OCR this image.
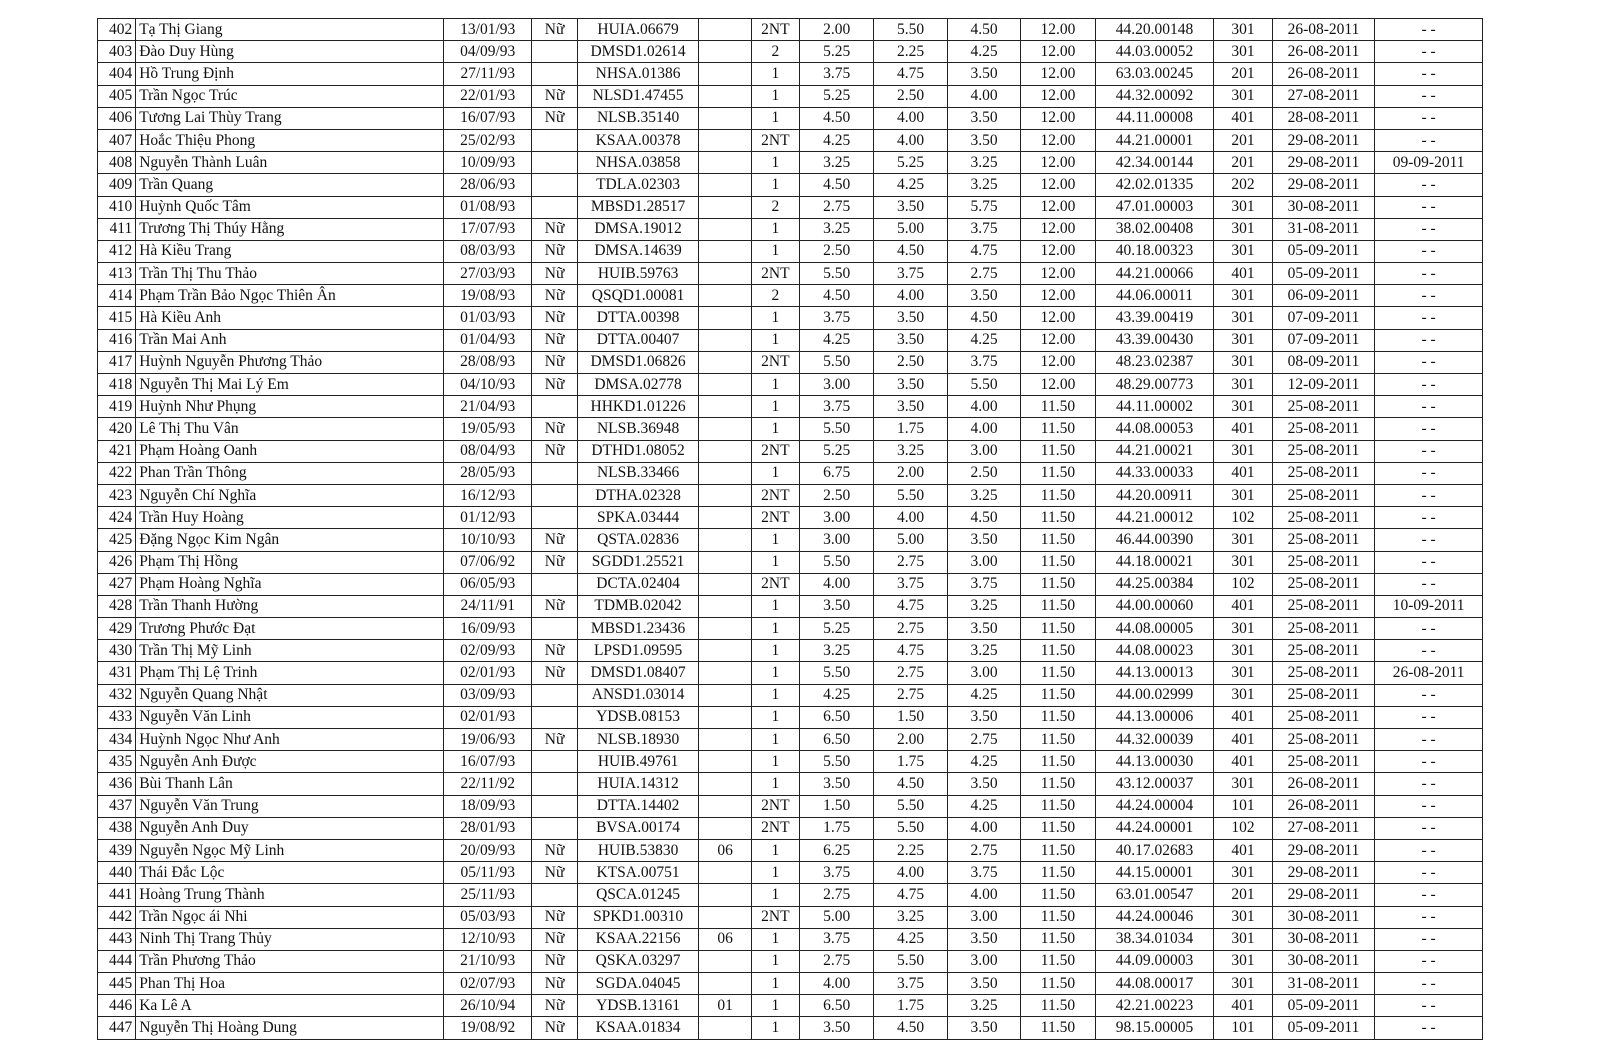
402	Tạ Thị Giang	13/01/93	Nữ	HUIA.06679		2NT	2.00	5.50	4.50	12.00	44.20.00148	301	26-08-2011	- -
403	Đào Duy Hùng	04/09/93		DMSD1.02614		2	5.25	2.25	4.25	12.00	44.03.00052	301	26-08-2011	- -
404	Hồ Trung Định	27/11/93		NHSA.01386		1	3.75	4.75	3.50	12.00	63.03.00245	201	26-08-2011	- -
405	Trần Ngọc Trúc	22/01/93	Nữ	NLSD1.47455		1	5.25	2.50	4.00	12.00	44.32.00092	301	27-08-2011	- -
406	Tương Lai Thùy Trang	16/07/93	Nữ	NLSB.35140		1	4.50	4.00	3.50	12.00	44.11.00008	401	28-08-2011	- -
407	Hoắc Thiệu Phong	25/02/93		KSAA.00378		2NT	4.25	4.00	3.50	12.00	44.21.00001	201	29-08-2011	- -
408	Nguyễn Thành Luân	10/09/93		NHSA.03858		1	3.25	5.25	3.25	12.00	42.34.00144	201	29-08-2011	09-09-2011
409	Trần Quang	28/06/93		TDLA.02303		1	4.50	4.25	3.25	12.00	42.02.01335	202	29-08-2011	- -
410	Huỳnh Quốc Tâm	01/08/93		MBSD1.28517		2	2.75	3.50	5.75	12.00	47.01.00003	301	30-08-2011	- -
411	Trương Thị Thúy Hằng	17/07/93	Nữ	DMSA.19012		1	3.25	5.00	3.75	12.00	38.02.00408	301	31-08-2011	- -
412	Hà Kiều Trang	08/03/93	Nữ	DMSA.14639		1	2.50	4.50	4.75	12.00	40.18.00323	301	05-09-2011	- -
413	Trần Thị Thu Thảo	27/03/93	Nữ	HUIB.59763		2NT	5.50	3.75	2.75	12.00	44.21.00066	401	05-09-2011	- -
414	Phạm Trần Bảo Ngọc Thiên Ân	19/08/93	Nữ	QSQD1.00081		2	4.50	4.00	3.50	12.00	44.06.00011	301	06-09-2011	- -
415	Hà Kiều Anh	01/03/93	Nữ	DTTA.00398		1	3.75	3.50	4.50	12.00	43.39.00419	301	07-09-2011	- -
416	Trần Mai Anh	01/04/93	Nữ	DTTA.00407		1	4.25	3.50	4.25	12.00	43.39.00430	301	07-09-2011	- -
417	Huỳnh Nguyễn Phương Thảo	28/08/93	Nữ	DMSD1.06826		2NT	5.50	2.50	3.75	12.00	48.23.02387	301	08-09-2011	- -
418	Nguyễn Thị Mai Lý Em	04/10/93	Nữ	DMSA.02778		1	3.00	3.50	5.50	12.00	48.29.00773	301	12-09-2011	- -
419	Huỳnh Như Phụng	21/04/93		HHKD1.01226		1	3.75	3.50	4.00	11.50	44.11.00002	301	25-08-2011	- -
420	Lê Thị Thu Vân	19/05/93	Nữ	NLSB.36948		1	5.50	1.75	4.00	11.50	44.08.00053	401	25-08-2011	- -
421	Phạm Hoàng Oanh	08/04/93	Nữ	DTHD1.08052		2NT	5.25	3.25	3.00	11.50	44.21.00021	301	25-08-2011	- -
422	Phan Trần Thông	28/05/93		NLSB.33466		1	6.75	2.00	2.50	11.50	44.33.00033	401	25-08-2011	- -
423	Nguyễn Chí Nghĩa	16/12/93		DTHA.02328		2NT	2.50	5.50	3.25	11.50	44.20.00911	301	25-08-2011	- -
424	Trần Huy Hoàng	01/12/93		SPKA.03444		2NT	3.00	4.00	4.50	11.50	44.21.00012	102	25-08-2011	- -
425	Đặng Ngọc Kim Ngân	10/10/93	Nữ	QSTA.02836		1	3.00	5.00	3.50	11.50	46.44.00390	301	25-08-2011	- -
426	Phạm Thị Hồng	07/06/92	Nữ	SGDD1.25521		1	5.50	2.75	3.00	11.50	44.18.00021	301	25-08-2011	- -
427	Phạm Hoàng Nghĩa	06/05/93		DCTA.02404		2NT	4.00	3.75	3.75	11.50	44.25.00384	102	25-08-2011	- -
428	Trần Thanh Hường	24/11/91	Nữ	TDMB.02042		1	3.50	4.75	3.25	11.50	44.00.00060	401	25-08-2011	10-09-2011
429	Trương Phước Đạt	16/09/93		MBSD1.23436		1	5.25	2.75	3.50	11.50	44.08.00005	301	25-08-2011	- -
430	Trần Thị Mỹ Linh	02/09/93	Nữ	LPSD1.09595		1	3.25	4.75	3.25	11.50	44.08.00023	301	25-08-2011	- -
431	Phạm Thị Lệ Trinh	02/01/93	Nữ	DMSD1.08407		1	5.50	2.75	3.00	11.50	44.13.00013	301	25-08-2011	26-08-2011
432	Nguyễn Quang Nhật	03/09/93		ANSD1.03014		1	4.25	2.75	4.25	11.50	44.00.02999	301	25-08-2011	- -
433	Nguyễn Văn Linh	02/01/93		YDSB.08153		1	6.50	1.50	3.50	11.50	44.13.00006	401	25-08-2011	- -
434	Huỳnh Ngọc Như Anh	19/06/93	Nữ	NLSB.18930		1	6.50	2.00	2.75	11.50	44.32.00039	401	25-08-2011	- -
435	Nguyễn Anh Được	16/07/93		HUIB.49761		1	5.50	1.75	4.25	11.50	44.13.00030	401	25-08-2011	- -
436	Bùi Thanh Lân	22/11/92		HUIA.14312		1	3.50	4.50	3.50	11.50	43.12.00037	301	26-08-2011	- -
437	Nguyễn Văn Trung	18/09/93		DTTA.14402		2NT	1.50	5.50	4.25	11.50	44.24.00004	101	26-08-2011	- -
438	Nguyễn Anh Duy	28/01/93		BVSA.00174		2NT	1.75	5.50	4.00	11.50	44.24.00001	102	27-08-2011	- -
439	Nguyễn Ngọc Mỹ Linh	20/09/93	Nữ	HUIB.53830	06	1	6.25	2.25	2.75	11.50	40.17.02683	401	29-08-2011	- -
440	Thái Đắc Lộc	05/11/93	Nữ	KTSA.00751		1	3.75	4.00	3.75	11.50	44.15.00001	301	29-08-2011	- -
441	Hoàng Trung Thành	25/11/93		QSCA.01245		1	2.75	4.75	4.00	11.50	63.01.00547	201	29-08-2011	- -
442	Trần Ngọc ái Nhi	05/03/93	Nữ	SPKD1.00310		2NT	5.00	3.25	3.00	11.50	44.24.00046	301	30-08-2011	- -
443	Ninh Thị Trang Thủy	12/10/93	Nữ	KSAA.22156	06	1	3.75	4.25	3.50	11.50	38.34.01034	301	30-08-2011	- -
444	Trần Phương Thảo	21/10/93	Nữ	QSKA.03297		1	2.75	5.50	3.00	11.50	44.09.00003	301	30-08-2011	- -
445	Phan Thị Hoa	02/07/93	Nữ	SGDA.04045		1	4.00	3.75	3.50	11.50	44.08.00017	301	31-08-2011	- -
446	Ka Lê A	26/10/94	Nữ	YDSB.13161	01	1	6.50	1.75	3.25	11.50	42.21.00223	401	05-09-2011	- -
447	Nguyễn Thị Hoàng Dung	19/08/92	Nữ	KSAA.01834		1	3.50	4.50	3.50	11.50	98.15.00005	101	05-09-2011	- -
